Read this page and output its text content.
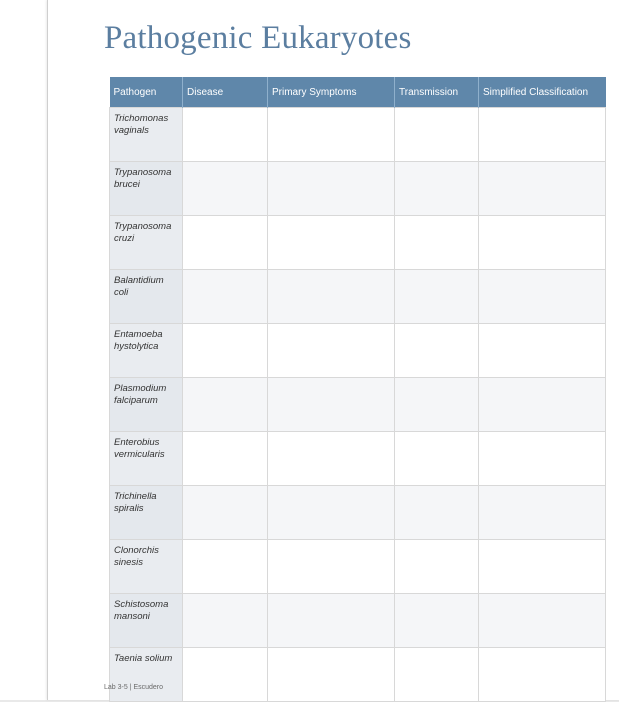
Pathogenic Eukaryotes
Pathogen	Disease	Primary Symptoms	Transmission	Simplified Classification
Trichomonas vaginals				
Trypanosoma brucei				
Trypanosoma cruzi				
Balantidium coli				
Entamoeba hystolytica				
Plasmodium falciparum				
Enterobius vermicularis				
Trichinella spiralis				
Clonorchis sinesis				
Schistosoma mansoni				
Taenia solium				
Lab 3-5 | Escudero
